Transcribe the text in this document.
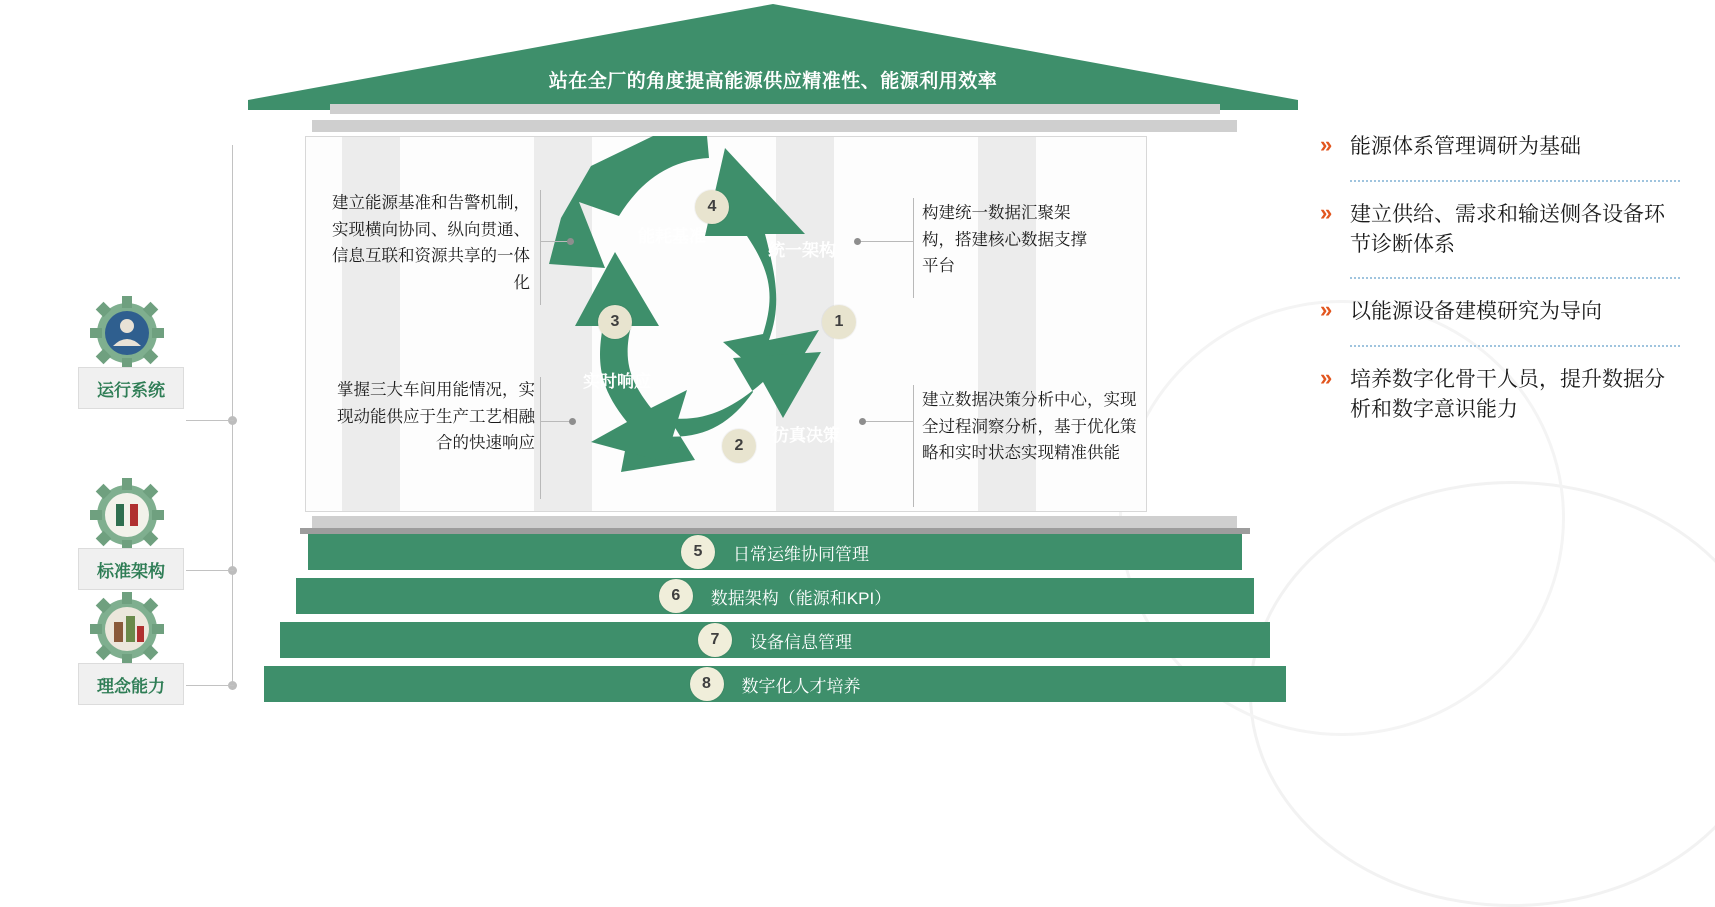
站在全厂的角度提高能源供应精准性、能源利用效率
统一架构
仿真决策
实时响应
能耗基准
1
2
3
4
建立能源基准和告警机制，实现横向协同、纵向贯通、信息互联和资源共享的一体化
掌握三大车间用能情况，实现动能供应于生产工艺相融合的快速响应
构建统一数据汇聚架构，搭建核心数据支撑平台
建立数据决策分析中心，实现全过程洞察分析，基于优化策略和实时状态实现精准供能
5	日常运维协同管理
6	数据架构（能源和KPI）
7	设备信息管理
8	数字化人才培养
运行系统
标准架构
理念能力
» 能源体系管理调研为基础
» 建立供给、需求和输送侧各设备环节诊断体系
» 以能源设备建模研究为导向
» 培养数字化骨干人员，提升数据分析和数字意识能力
